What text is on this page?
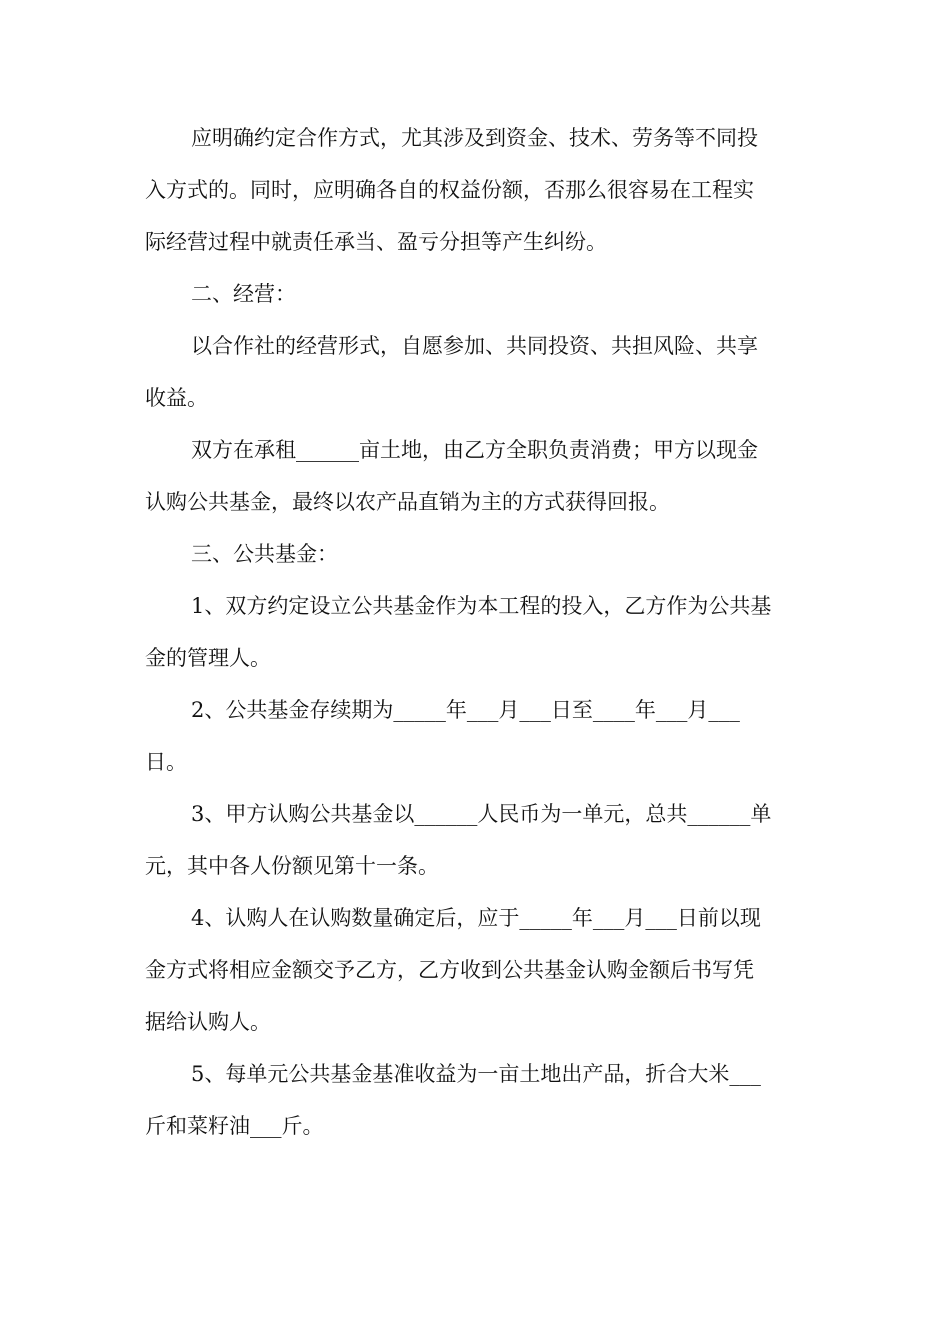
应明确约定合作方式，尤其涉及到资金、技术、劳务等不同投
入方式的。同时，应明确各自的权益份额，否那么很容易在工程实
际经营过程中就责任承当、盈亏分担等产生纠纷。
二、经营：
以合作社的经营形式，自愿参加、共同投资、共担风险、共享
收益。
双方在承租______亩土地，由乙方全职负责消费；甲方以现金
认购公共基金，最终以农产品直销为主的方式获得回报。
三、公共基金：
1、双方约定设立公共基金作为本工程的投入，乙方作为公共基
金的管理人。
2、公共基金存续期为_____年___月___日至____年___月___
日。
3、甲方认购公共基金以______人民币为一单元，总共______单
元，其中各人份额见第十一条。
4、认购人在认购数量确定后，应于_____年___月___日前以现
金方式将相应金额交予乙方，乙方收到公共基金认购金额后书写凭
据给认购人。
5、每单元公共基金基准收益为一亩土地出产品，折合大米___
斤和菜籽油___斤。
